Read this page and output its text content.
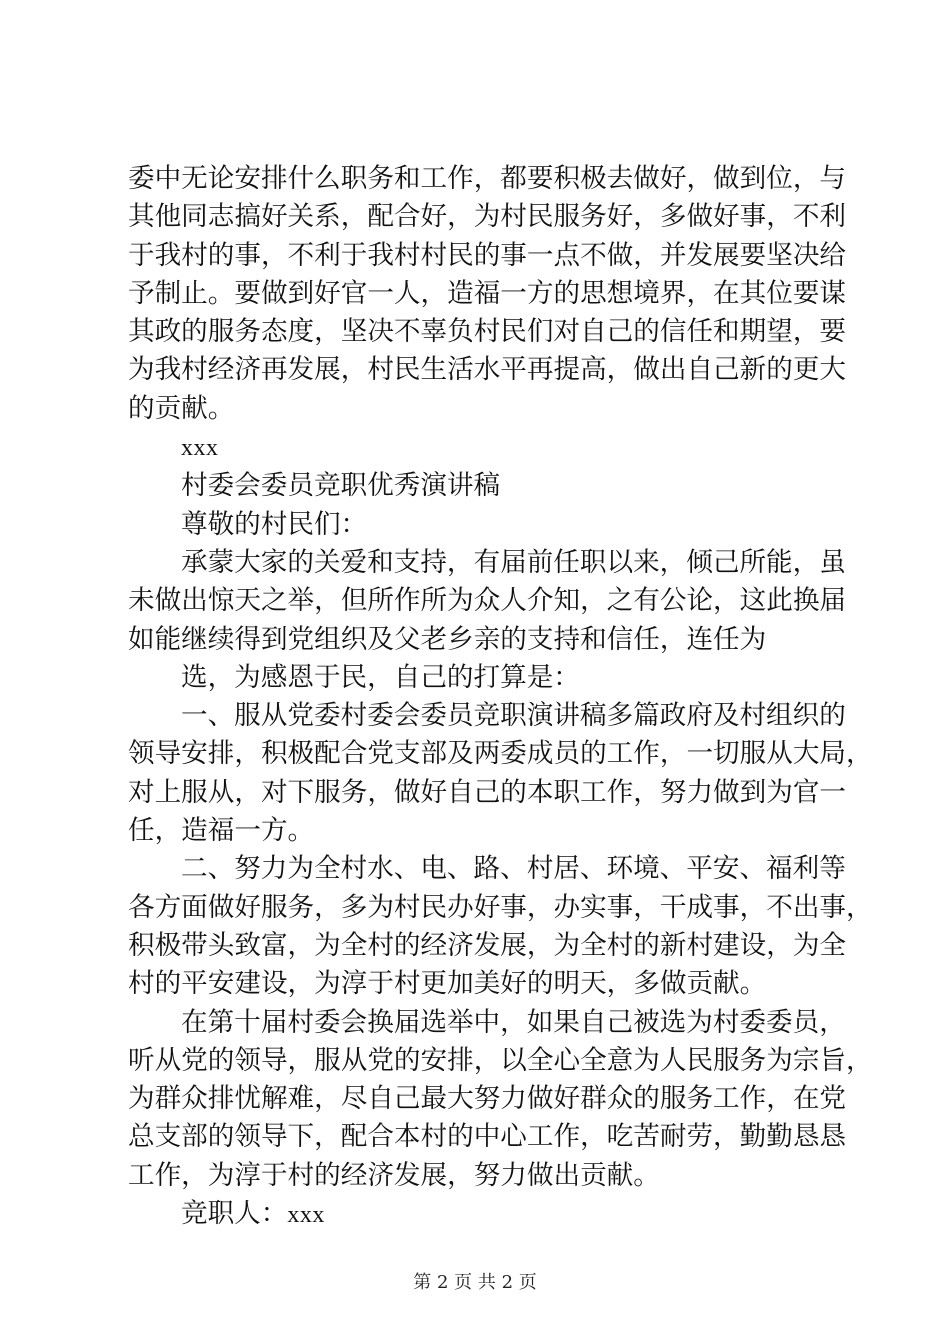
委中无论安排什么职务和工作，都要积极去做好，做到位，与

其他同志搞好关系，配合好，为村民服务好，多做好事，不利

于我村的事，不利于我村村民的事一点不做，并发展要坚决给

予制止。要做到好官一人，造福一方的思想境界，在其位要谋

其政的服务态度，坚决不辜负村民们对自己的信任和期望，要

为我村经济再发展，村民生活水平再提高，做出自己新的更大

的贡献。

xxx

村委会委员竞职优秀演讲稿

尊敬的村民们：

承蒙大家的关爱和支持，有届前任职以来，倾己所能，虽

未做出惊天之举，但所作所为众人介知，之有公论，这此换届

如能继续得到党组织及父老乡亲的支持和信任，连任为

选，为感恩于民，自己的打算是：

一、服从党委村委会委员竞职演讲稿多篇政府及村组织的

领导安排，积极配合党支部及两委成员的工作，一切服从大局，

对上服从，对下服务，做好自己的本职工作，努力做到为官一

任，造福一方。

二、努力为全村水、电、路、村居、环境、平安、福利等

各方面做好服务，多为村民办好事，办实事，干成事，不出事，

积极带头致富，为全村的经济发展，为全村的新村建设，为全

村的平安建设，为淳于村更加美好的明天，多做贡献。

在第十届村委会换届选举中，如果自己被选为村委委员，

听从党的领导，服从党的安排，以全心全意为人民服务为宗旨，

为群众排忧解难，尽自己最大努力做好群众的服务工作，在党

总支部的领导下，配合本村的中心工作，吃苦耐劳，勤勤恳恳

工作，为淳于村的经济发展，努力做出贡献。

竞职人：xxx

第 2 页 共 2 页
